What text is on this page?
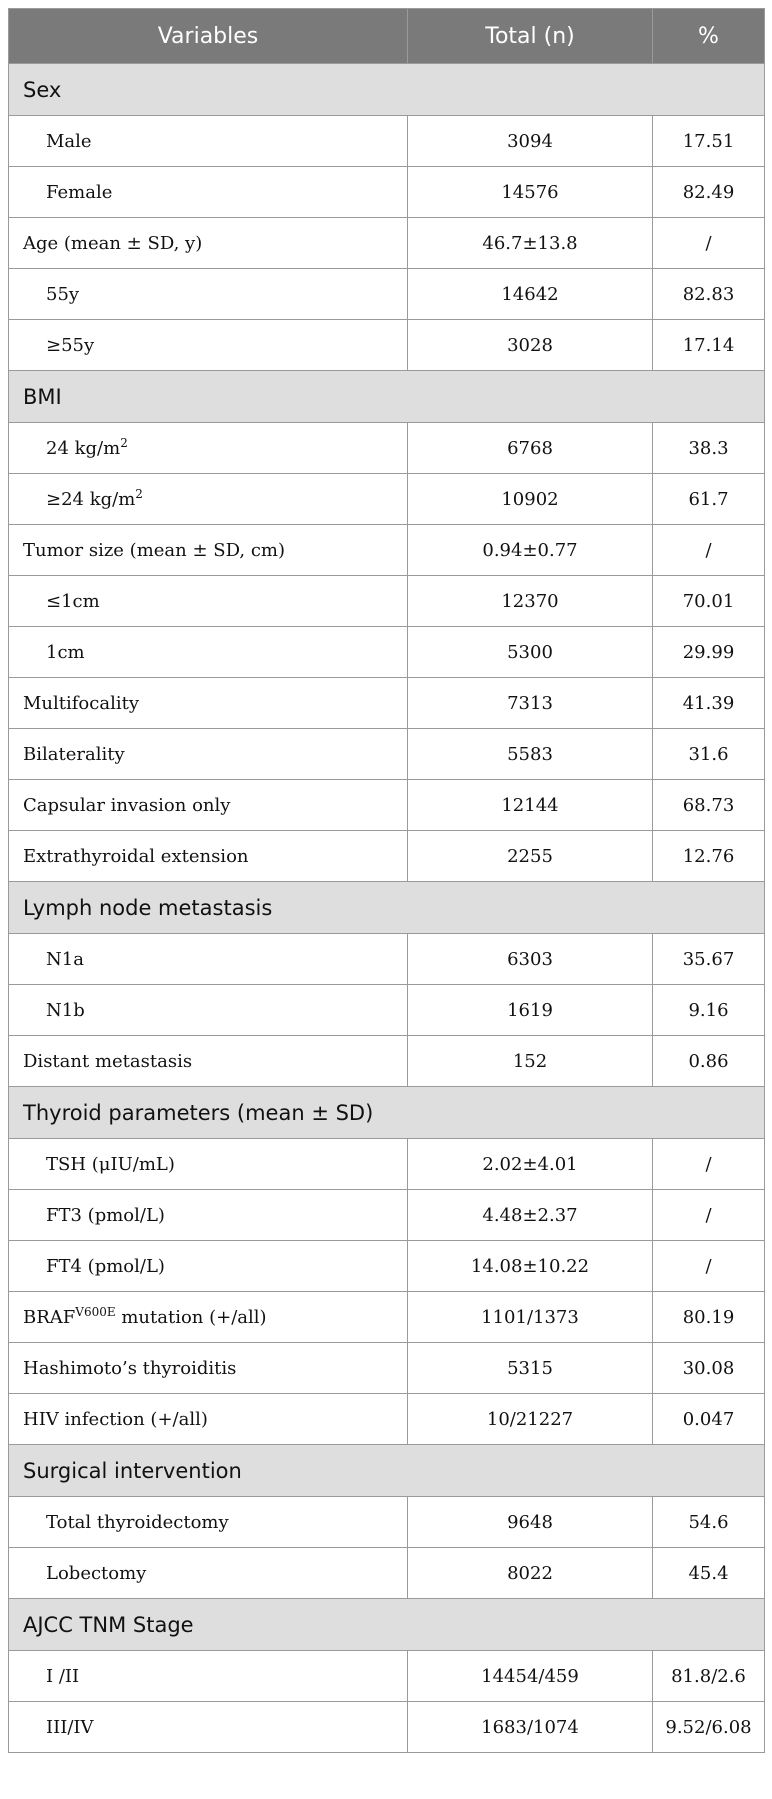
Variables	Total (n)	%
Sex		
Male	3094	17.51
Female	14576	82.49
Age (mean ± SD, y)	46.7±13.8	/
55y	14642	82.83
≥55y	3028	17.14
BMI		
24 $kg/m^2$	6768	38.3
≥24 $kg/m^2$	10902	61.7
Tumor size (mean ± SD, cm)	0.94±0.77	/
≤1cm	12370	70.01
1cm	5300	29.99
Multifocality	7313	41.39
Bilaterality	5583	31.6
Capsular invasion only	12144	68.73
Extrathyroidal extension	2255	12.76
Lymph node metastasis		
N1a	6303	35.67
N1b	1619	9.16
Distant metastasis	152	0.86
Thyroid parameters (mean ± SD)		
TSH (μIU/mL)	2.02±4.01	/
FT3 (pmol/L)	4.48±2.37	/
FT4 (pmol/L)	14.08±10.22	/
$BRAF^{V600E}$ mutation (+/all)	1101/1373	80.19
Hashimoto’s thyroiditis	5315	30.08
HIV infection (+/all)	10/21227	0.047
Surgical intervention		
Total thyroidectomy	9648	54.6
Lobectomy	8022	45.4
AJCC TNM Stage		
I /II	14454/459	81.8/2.6
III/IV	1683/1074	9.52/6.08
